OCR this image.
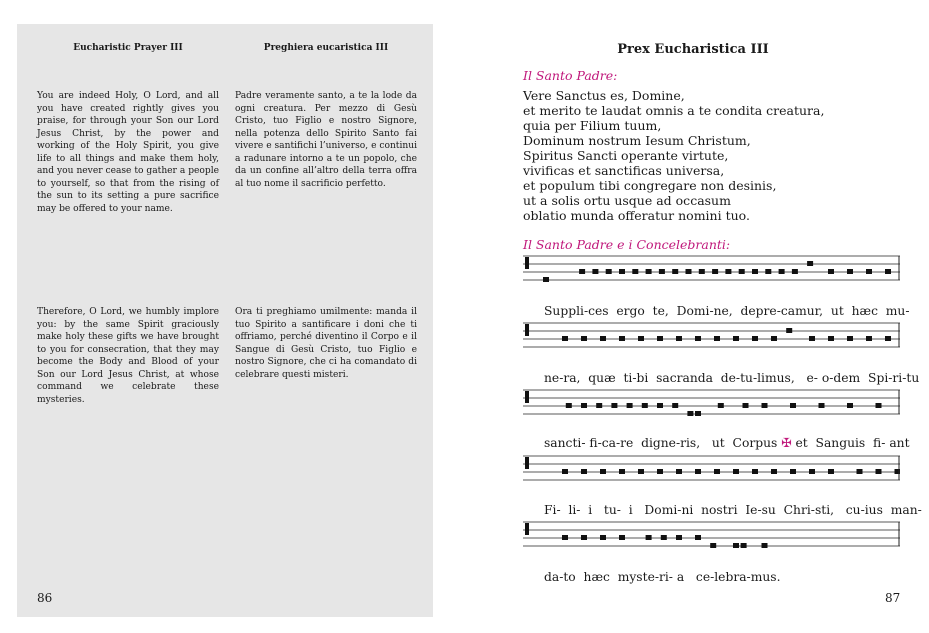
Eucharistic Prayer III

You are indeed Holy, O Lord, and all you have created rightly gives you praise, for through your Son our Lord Jesus Christ, by the power and working of the Holy Spirit, you give life to all things and make them holy, and you never cease to gather a people to yourself, so that from the rising of the sun to its setting a pure sacrifice may be offered to your name.

Therefore, O Lord, we humbly implore you: by the same Spirit graciously make holy these gifts we have brought to you for consecration, that they may become the Body and Blood of your Son our Lord Jesus Christ, at whose command we celebrate these mysteries.

Preghiera eucaristica III

Padre veramente santo, a te la lode da ogni creatura. Per mezzo di Gesù Cristo, tuo Figlio e nostro Signore, nella potenza dello Spirito Santo fai vivere e santifichi l’universo, e continui a radunare intorno a te un popolo, che da un confine all’altro della terra offra al tuo nome il sacrificio perfetto.

Ora ti preghiamo umilmente: manda il tuo Spirito a santificare i doni che ti offriamo, perché diventino il Corpo e il Sangue di Gesù Cristo, tuo Figlio e nostro Signore, che ci ha comandato di celebrare questi misteri.

86
Prex Eucharistica III
Il Santo Padre:
Vere Sanctus es, Domine,
et merito te laudat omnis a te condita creatura,
quia per Filium tuum,
Dominum nostrum Iesum Christum,
Spiritus Sancti operante virtute,
vivificas et sanctificas universa,
et populum tibi congregare non desinis,
ut a solis ortu usque ad occasum
oblatio munda offeratur nomini tuo.
Il Santo Padre e i Concelebranti:
Suppli-ces  ergo  te,  Domi-ne,  depre-camur,  ut  hæc  mu-
ne-ra,  quæ  ti-bi  sacranda  de-tu-limus,   e- o-dem  Spi-ri-tu
sancti- fi-ca-re  digne-ris,   ut  Corpus ✠ et  Sanguis  fi- ant
Fi-  li-  i   tu-  i   Domi-ni  nostri  Ie-su  Chri-sti,   cu-ius  man-
da-to  hæc  myste-ri- a   ce-lebra-mus.
87
